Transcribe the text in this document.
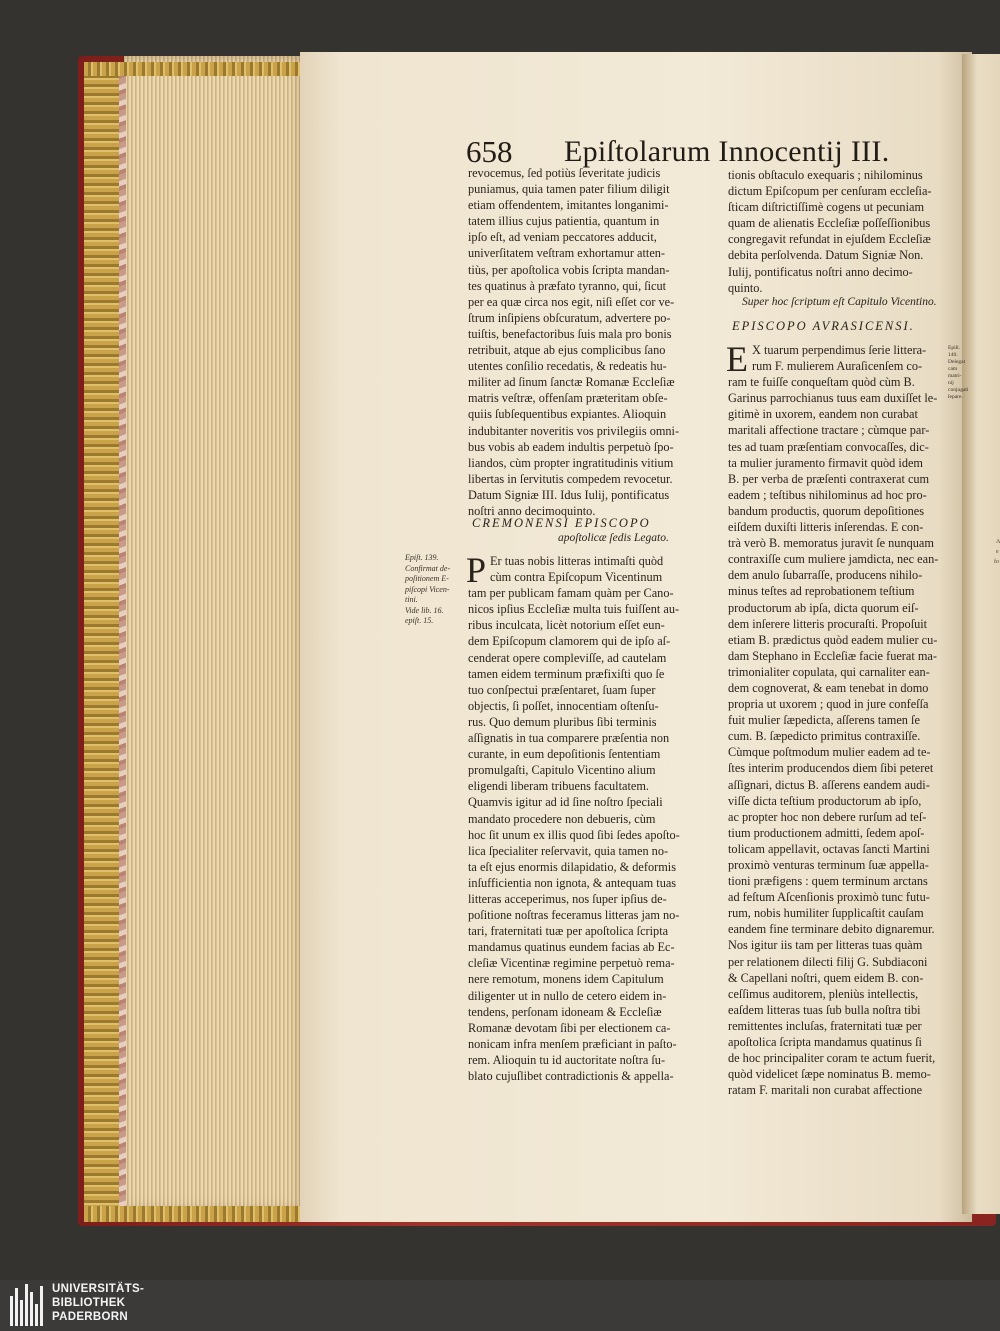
A
e
fo
658 Epiſtolarum Innocentij III.
revocemus, ſed potiùs ſeveritate judicis
puniamus, quia tamen pater filium diligit
etiam offendentem, imitantes longanimi-
tatem illius cujus patientia, quantum in
ipſo eſt, ad veniam peccatores adducit,
univerſitatem veſtram exhortamur atten-
tiùs, per apoſtolica vobis ſcripta mandan-
tes quatinus à præfato tyranno, qui, ſicut
per ea quæ circa nos egit, niſi eſſet cor ve-
ſtrum inſipiens obſcuratum, advertere po-
tuiſtis, benefactoribus ſuis mala pro bonis
retribuit, atque ab ejus complicibus ſano
utentes conſilio recedatis, & redeatis hu-
militer ad ſinum ſanctæ Romanæ Eccleſiæ
matris veſtræ, offenſam præteritam obſe-
quiis ſubſequentibus expiantes. Alioquin
indubitanter noveritis vos privilegiis omni-
bus vobis ab eadem indultis perpetuò ſpo-
liandos, cùm propter ingratitudinis vitium
libertas in ſervitutis compedem revocetur.
Datum Signiæ III. Idus Iulij, pontificatus
noſtri anno decimoquinto.
CREMONENSI EPISCOPO
apoſtolicæ ſedis Legato.
Epiſt. 139.
Confirmat de-
poſitionem E-
piſcopi Vicen-
tini.
Vide lib. 16.
epiſt. 15.
P Er tuas nobis litteras intimaſti quòd
cùm contra Epiſcopum Vicentinum
tam per publicam famam quàm per Cano-
nicos ipſius Eccleſiæ multa tuis fuiſſent au-
ribus inculcata, licèt notorium eſſet eun-
dem Epiſcopum clamorem qui de ipſo aſ-
cenderat opere compleviſſe, ad cautelam
tamen eidem terminum præfixiſti quo ſe
tuo conſpectui præſentaret, ſuam ſuper
objectis, ſi poſſet, innocentiam oſtenſu-
rus. Quo demum pluribus ſibi terminis
aſſignatis in tua comparere præſentia non
curante, in eum depoſitionis ſententiam
promulgaſti, Capitulo Vicentino alium
eligendi liberam tribuens facultatem.
Quamvis igitur ad id ſine noſtro ſpeciali
mandato procedere non debueris, cùm
hoc ſit unum ex illis quod ſibi ſedes apoſto-
lica ſpecialiter reſervavit, quia tamen no-
ta eſt ejus enormis dilapidatio, & deformis
inſufficientia non ignota, & antequam tuas
litteras acceperimus, nos ſuper ipſius de-
poſitione noſtras feceramus litteras jam no-
tari, fraternitati tuæ per apoſtolica ſcripta
mandamus quatinus eundem facias ab Ec-
cleſiæ Vicentinæ regimine perpetuò rema-
nere remotum, monens idem Capitulum
diligenter ut in nullo de cetero eidem in-
tendens, perſonam idoneam & Eccleſiæ
Romanæ devotam ſibi per electionem ca-
nonicam infra menſem præficiant in paſto-
rem. Alioquin tu id auctoritate noſtra ſu-
blato cujuſlibet contradictionis & appella-
tionis obſtaculo exequaris ; nihilominus
dictum Epiſcopum per cenſuram eccleſia-
ſticam diſtrictiſſimè cogens ut pecuniam
quam de alienatis Eccleſiæ poſſeſſionibus
congregavit refundat in ejuſdem Eccleſiæ
debita perſolvenda. Datum Signiæ Non.
Iulij, pontificatus noſtri anno decimo-
quinto.
Super hoc ſcriptum eſt Capitulo Vicentino.
EPISCOPO AVRASICENSI.
Epiſt. 140.
Delegat
cam matri-
nij conjugati
ſepare.
E X tuarum perpendimus ſerie littera-
rum F. mulierem Auraſicenſem co-
ram te fuiſſe conqueſtam quòd cùm B.
Garinus parrochianus tuus eam duxiſſet le-
gitimè in uxorem, eandem non curabat
maritali affectione tractare ; cùmque par-
tes ad tuam præſentiam convocaſſes, dic-
ta mulier juramento firmavit quòd idem
B. per verba de præſenti contraxerat cum
eadem ; teſtibus nihilominus ad hoc pro-
bandum productis, quorum depoſitiones
eiſdem duxiſti litteris inſerendas. E con-
trà verò B. memoratus juravit ſe nunquam
contraxiſſe cum muliere jamdicta, nec ean-
dem anulo ſubarraſſe, producens nihilo-
minus teſtes ad reprobationem teſtium
productorum ab ipſa, dicta quorum eiſ-
dem inſerere litteris procuraſti. Propoſuit
etiam B. prædictus quòd eadem mulier cu-
dam Stephano in Eccleſiæ facie fuerat ma-
trimonialiter copulata, qui carnaliter ean-
dem cognoverat, & eam tenebat in domo
propria ut uxorem ; quod in jure confeſſa
fuit mulier ſæpedicta, aſſerens tamen ſe
cum. B. ſæpedicto primitus contraxiſſe.
Cùmque poſtmodum mulier eadem ad te-
ſtes interim producendos diem ſibi peteret
aſſignari, dictus B. aſſerens eandem audi-
viſſe dicta teſtium productorum ab ipſo,
ac propter hoc non debere rurſum ad teſ-
tium productionem admitti, ſedem apoſ-
tolicam appellavit, octavas ſancti Martini
proximò venturas terminum ſuæ appella-
tioni præfigens : quem terminum arctans
ad feſtum Aſcenſionis proximò tunc futu-
rum, nobis humiliter ſupplicaſtit cauſam
eandem fine terminare debito dignaremur.
Nos igitur iis tam per litteras tuas quàm
per relationem dilecti filij G. Subdiaconi
& Capellani noſtri, quem eidem B. con-
ceſſimus auditorem, pleniùs intellectis,
eaſdem litteras tuas ſub bulla noſtra tibi
remittentes incluſas, fraternitati tuæ per
apoſtolica ſcripta mandamus quatinus ſi
de hoc principaliter coram te actum fuerit,
quòd videlicet ſæpe nominatus B. memo-
ratam F. maritali non curabat affectione
UNIVERSITÄTS-
BIBLIOTHEK
PADERBORN
